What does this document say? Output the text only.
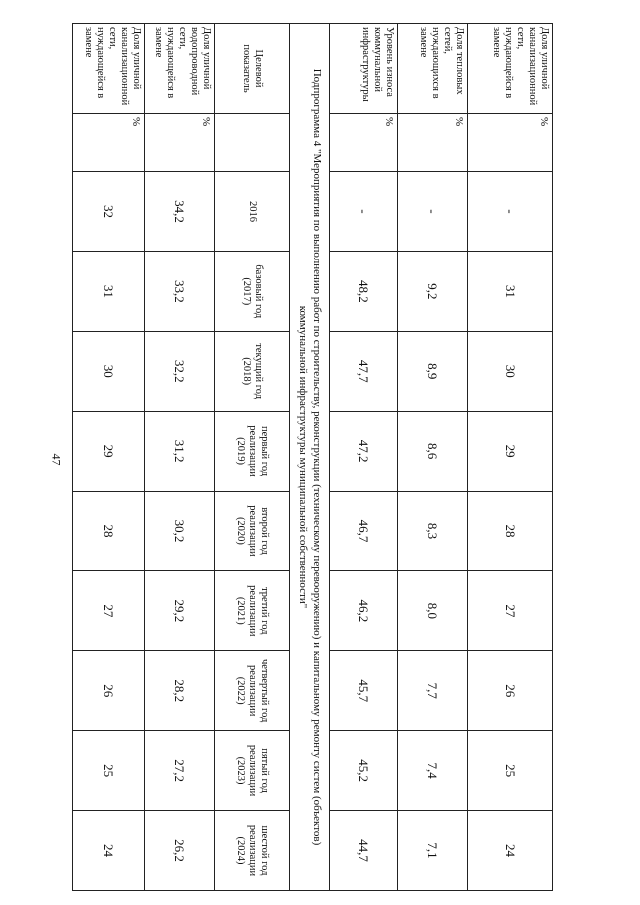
47
Доля уличной канализационной сети, нуждающейся в замене	%	-	31	30	29	28	27	26	25	24
Доля тепловых сетей, нуждающихся в замене	%	-	9,2	8,9	8,6	8,3	8,0	7,7	7,4	7,1
Уровень износа коммунальной инфраструктуры	%	-	48,2	47,7	47,2	46,7	46,2	45,7	45,2	44,7
Подпрограмма 4 "Мероприятия по выполнению работ по строительству, реконструкции (техническому перевооружению) и капитальному ремонту систем (объектов) коммунальной инфраструктуры муниципальной собственности"										
Целевой показатель		2016	базовый год (2017)	текущий год (2018)	первый год реализации (2019)	второй год реализации (2020)	третий год реализации (2021)	четвертый год реализации (2022)	пятый год реализации (2023)	шестой год реализации (2024)
Доля уличной водопроводной сети, нуждающейся в замене	%	34,2	33,2	32,2	31,2	30,2	29,2	28,2	27,2	26,2
Доля уличной канализационной сети, нуждающейся в замене	%	32	31	30	29	28	27	26	25	24
